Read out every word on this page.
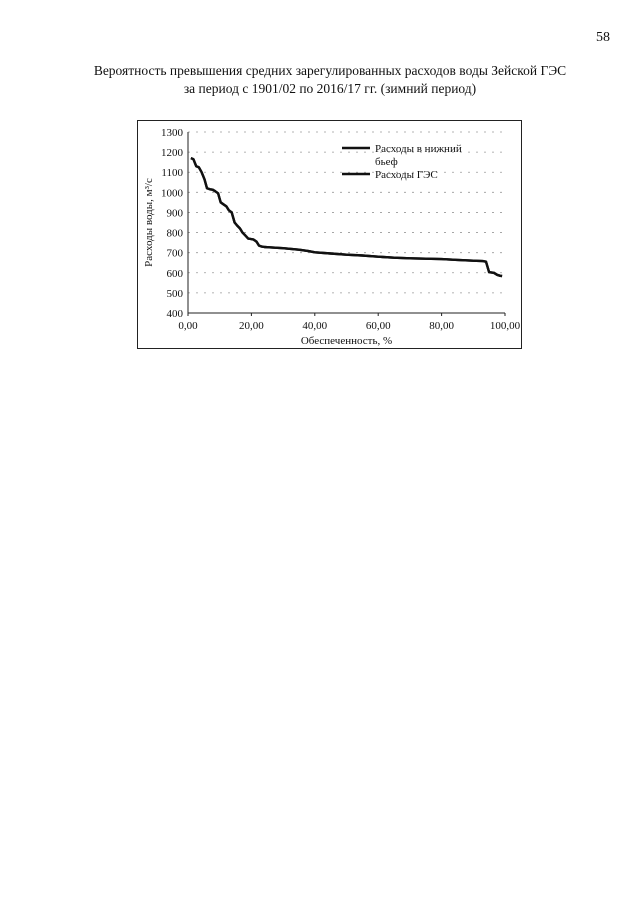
58
Вероятность превышения средних зарегулированных расходов воды Зейской ГЭС
за период с 1901/02 по 2016/17 гг. (зимний период)
400
500
600
700
800
900
1000
1100
1200
1300
0,00	20,00	40,00	60,00	80,00	100,00
Расходы воды, м³/с
Обеспеченность, %
Расходы в нижний
бьеф
Расходы ГЭС
